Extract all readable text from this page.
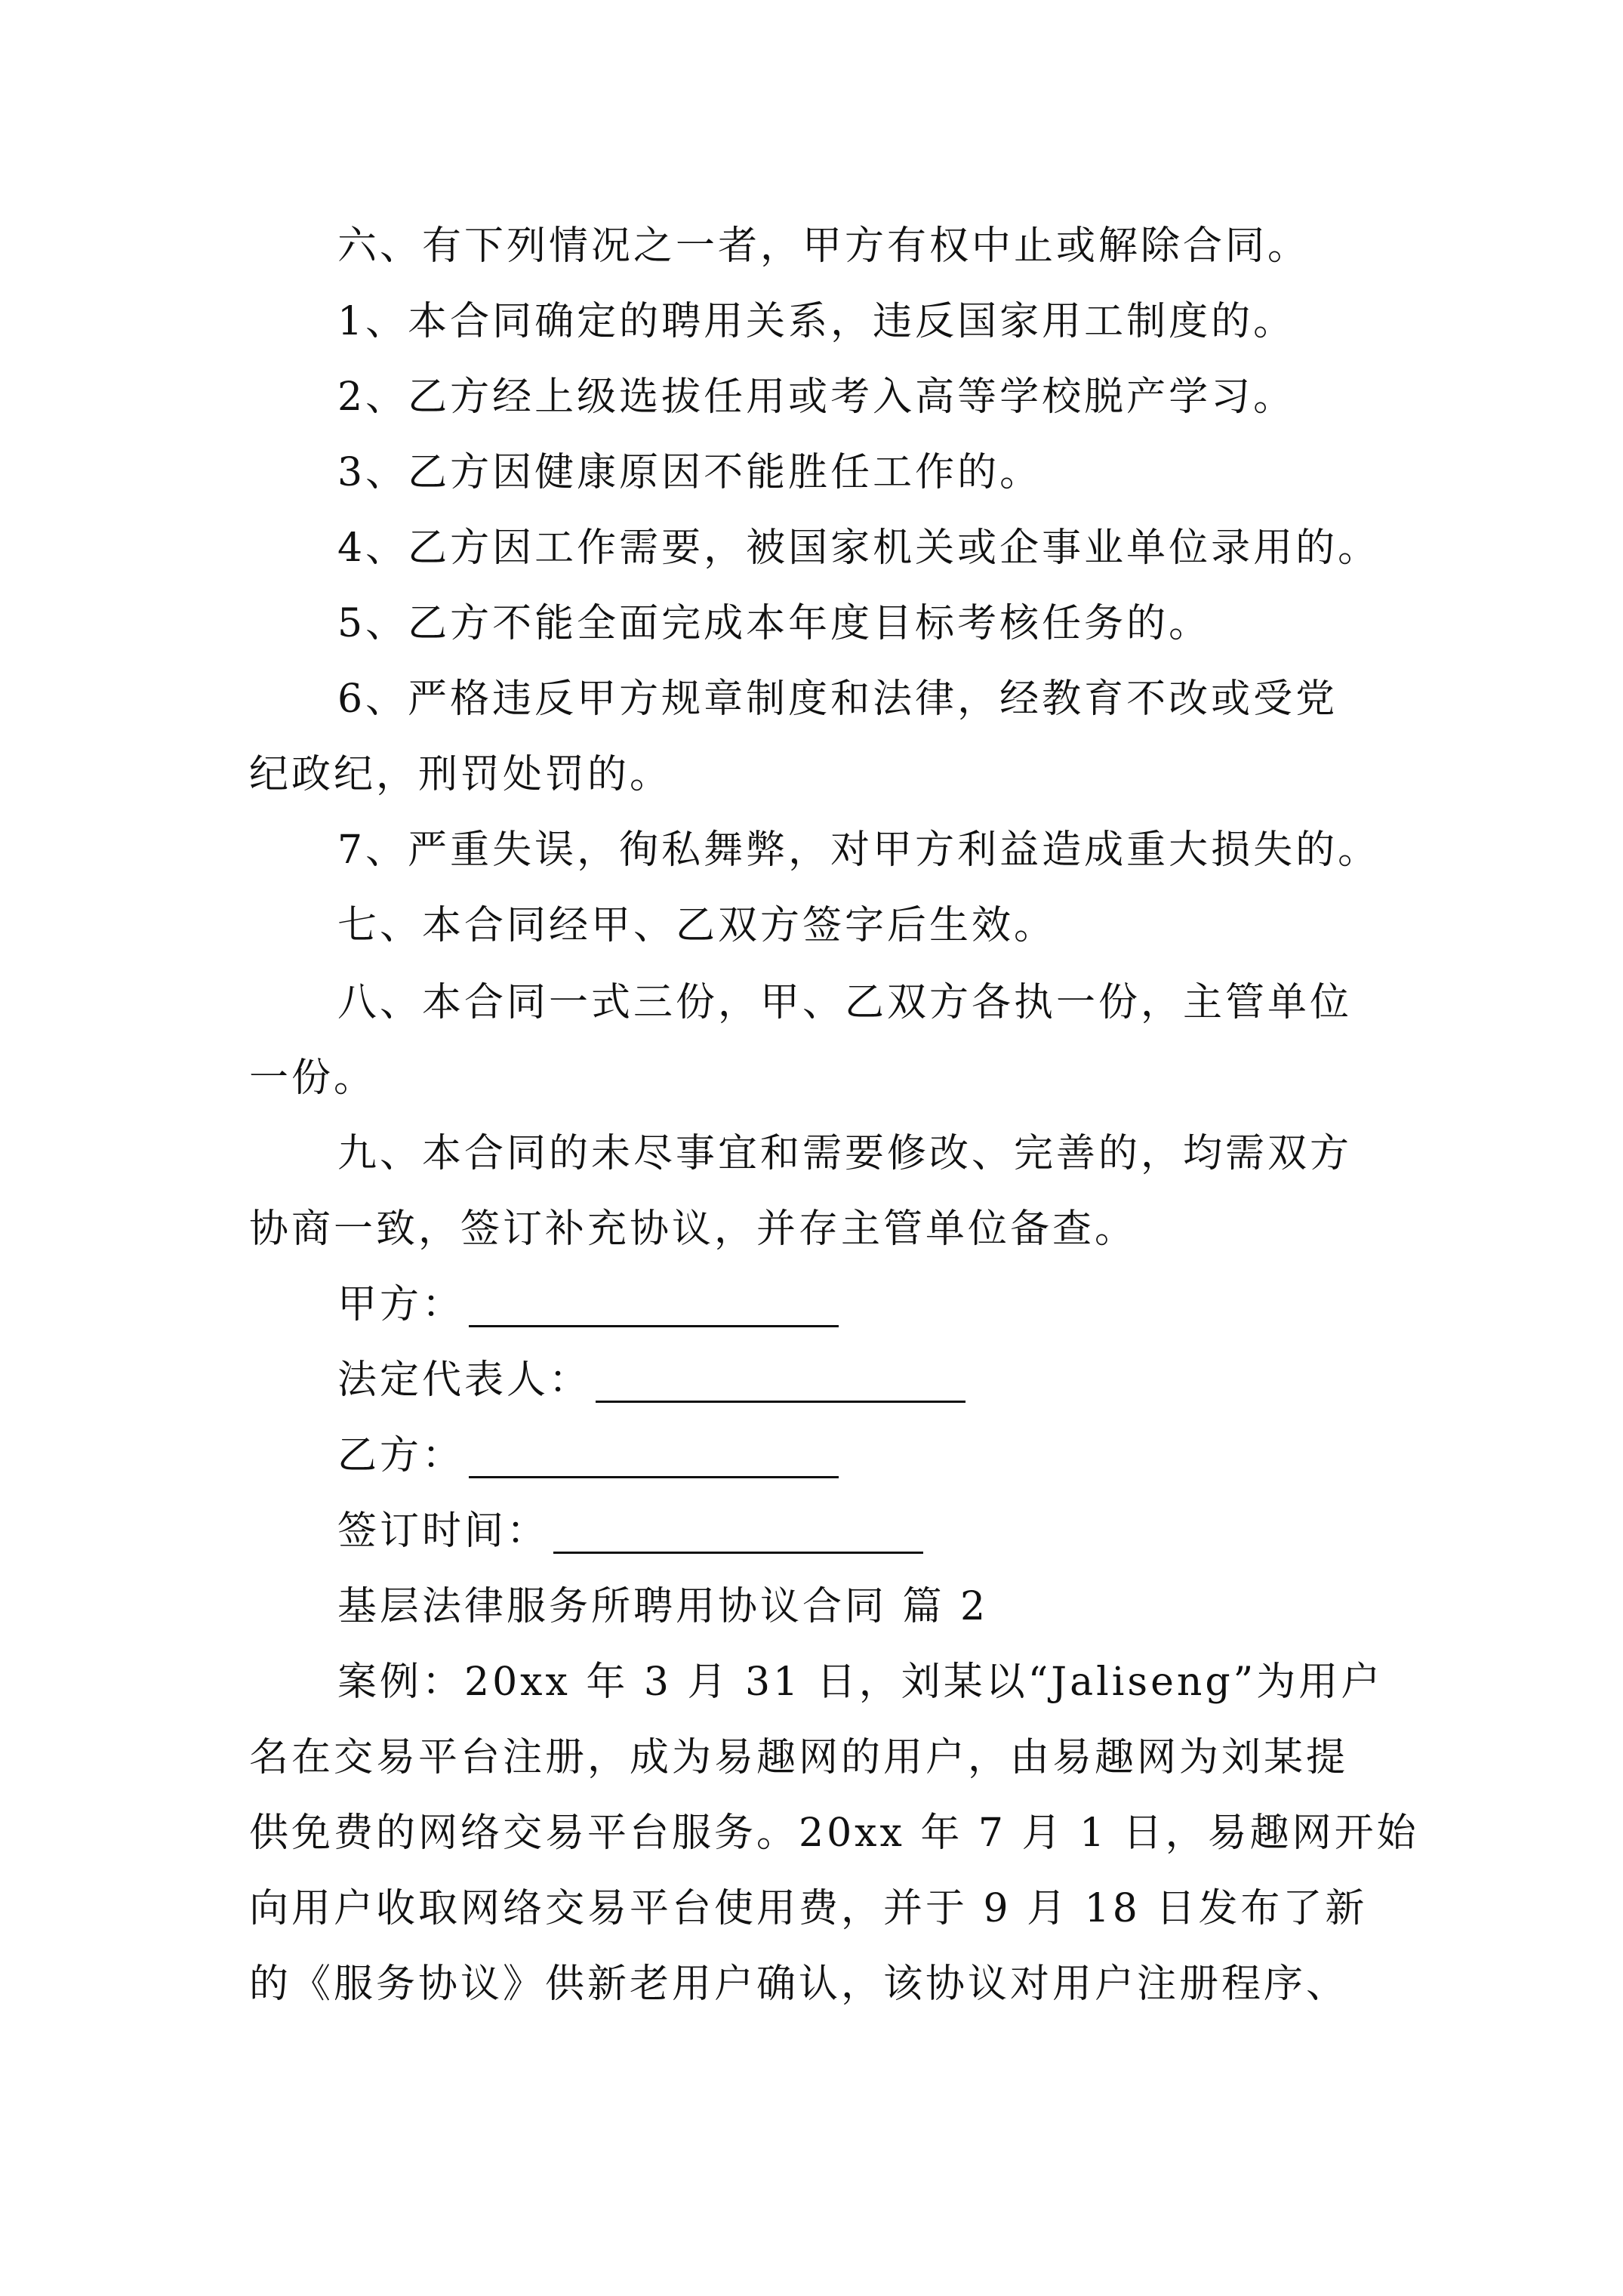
六、有下列情况之一者，甲方有权中止或解除合同。
1、本合同确定的聘用关系，违反国家用工制度的。
2、乙方经上级选拔任用或考入高等学校脱产学习。
3、乙方因健康原因不能胜任工作的。
4、乙方因工作需要，被国家机关或企事业单位录用的。
5、乙方不能全面完成本年度目标考核任务的。
6、严格违反甲方规章制度和法律，经教育不改或受党
纪政纪，刑罚处罚的。
7、严重失误，徇私舞弊，对甲方利益造成重大损失的。
七、本合同经甲、乙双方签字后生效。
八、本合同一式三份，甲、乙双方各执一份，主管单位
一份。
九、本合同的未尽事宜和需要修改、完善的，均需双方
协商一致，签订补充协议，并存主管单位备查。
甲方：
法定代表人：
乙方：
签订时间：
基层法律服务所聘用协议合同 篇 2
案例：20xx 年 3 月 31 日，刘某以“Jaliseng”为用户
名在交易平台注册，成为易趣网的用户，由易趣网为刘某提
供免费的网络交易平台服务。20xx 年 7 月 1 日，易趣网开始
向用户收取网络交易平台使用费，并于 9 月 18 日发布了新
的《服务协议》供新老用户确认，该协议对用户注册程序、
